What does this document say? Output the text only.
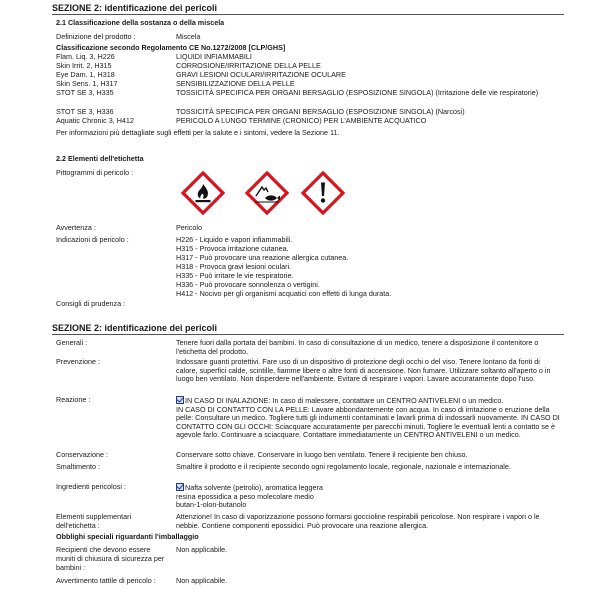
SEZIONE 2: identificazione dei pericoli
2.1 Classificazione della sostanza o della miscela
Definizione del prodotto :	Miscela
Classificazione secondo Regolamento CE No.1272/2008 [CLP/GHS]
Flam. Liq. 3, H226	LIQUIDI INFIAMMABILI
Skin Irrit. 2, H315	CORROSIONE/IRRITAZIONE DELLA PELLE
Eye Dam. 1, H318	GRAVI LESIONI OCULARI/IRRITAZIONE OCULARE
Skin Sens. 1, H317	SENSIBILIZZAZIONE DELLA PELLE
STOT SE 3, H335	TOSSICITÀ SPECIFICA PER ORGANI BERSAGLIO (ESPOSIZIONE SINGOLA) (Irritazione delle vie respiratorie)
STOT SE 3, H336	TOSSICITÀ SPECIFICA PER ORGANI BERSAGLIO (ESPOSIZIONE SINGOLA) (Narcosi)
Aquatic Chronic 3, H412	PERICOLO A LUNGO TERMINE (CRONICO) PER L'AMBIENTE ACQUATICO
Per informazioni più dettagliate sugli effetti per la salute e i sintomi, vedere la Sezione 11.
2.2 Elementi dell'etichetta
Pittogrammi di pericolo :
Avvertenza :	Pericolo
Indicazioni di pericolo :	H226 - Liquido e vapori infiammabili.
H315 - Provoca irritazione cutanea.
H317 - Può provocare una reazione allergica cutanea.
H318 - Provoca gravi lesioni oculari.
H335 - Può irritare le vie respiratorie.
H336 - Può provocare sonnolenza o vertigini.
H412 - Nocivo per gli organismi acquatici con effetti di lunga durata.
Consigli di prudenza :
SEZIONE 2: identificazione dei pericoli
Generali :	Tenere fuori dalla portata dei bambini. In caso di consultazione di un medico, tenere a disposizione il contenitore o l'etichetta del prodotto.
Prevenzione :	Indossare guanti protettivi. Fare uso di un dispositivo di protezione degli occhi o del viso. Tenere lontano da fonti di calore, superfici calde, scintille, fiamme libere o altre fonti di accensione. Non fumare. Utilizzare soltanto all'aperto o in luogo ben ventilato. Non disperdere nell'ambiente. Evitare di respirare i vapori. Lavare accuratamente dopo l'uso.
Reazione :	IN CASO DI INALAZIONE: In caso di malessere, contattare un CENTRO ANTIVELENI o un medico.
IN CASO DI CONTATTO CON LA PELLE: Lavare abbondantemente con acqua. In caso di irritazione o eruzione della pelle: Consultare un medico. Togliere tutti gli indumenti contaminati e lavarli prima di indossarli nuovamente. IN CASO DI CONTATTO CON GLI OCCHI: Sciacquare accuratamente per parecchi minuti. Togliere le eventuali lenti a contatto se è agevole farlo. Continuare a sciacquare. Contattare immediatamente un CENTRO ANTIVELENI o un medico.
Conservazione :	Conservare sotto chiave. Conservare in luogo ben ventilato. Tenere il recipiente ben chiuso.
Smaltimento :	Smaltire il prodotto e il recipiente secondo ogni regolamento locale, regionale, nazionale e internazionale.
Ingredienti pericolosi :	Nafta solvente (petrolio), aromatica leggera
resina epossidica a peso molecolare medio
butan-1-olon-butanolo
Elementi supplementari
dell'etichetta :
Attenzione! In caso di vaporizzazione possono formarsi goccioline respirabili pericolose. Non respirare i vapori o le nebbie. Contiene componenti epossidici. Può provocare una reazione allergica.
Obblighi speciali riguardanti l'imballaggio
Recipienti che devono essere
muniti di chiusura di sicurezza per
bambini :
Non applicabile.
Avvertimento tattile di pericolo :	Non applicabile.
